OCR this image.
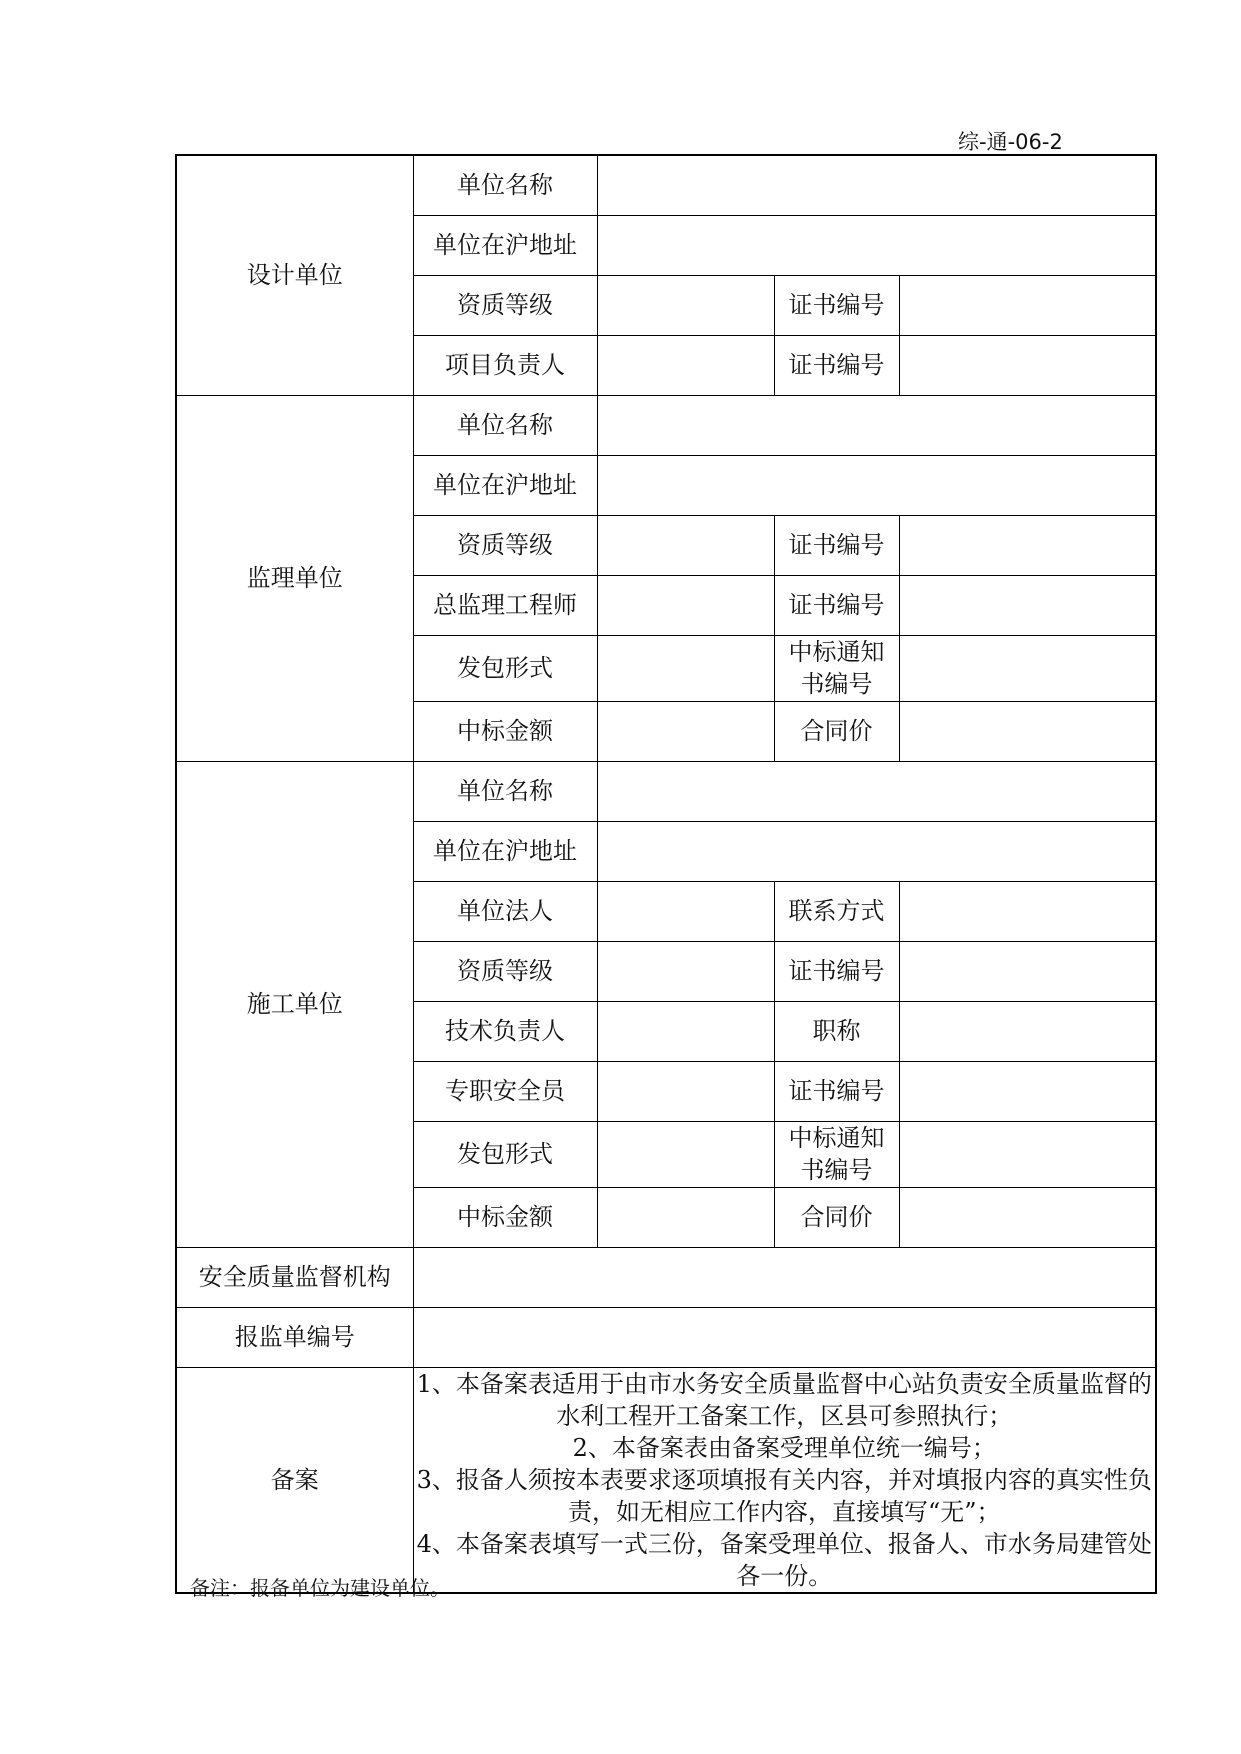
综-通-06-2
设计单位	单位名称			
	单位在沪地址			
	资质等级		证书编号	
	项目负责人		证书编号	
监理单位	单位名称			
	单位在沪地址			
	资质等级		证书编号	
	总监理工程师		证书编号	
	发包形式		中标通知书编号	
	中标金额		合同价	
施工单位	单位名称			
	单位在沪地址			
	单位法人		联系方式	
	资质等级		证书编号	
	技术负责人		职称	
	专职安全员		证书编号	
	发包形式		中标通知书编号	
	中标金额		合同价	
安全质量监督机构				
报监单编号				
备案	1、本备案表适用于由市水务安全质量监督中心站负责安全质量监督的水利工程开工备案工作，区县可参照执行；
2、本备案表由备案受理单位统一编号；
3、报备人须按本表要求逐项填报有关内容，并对填报内容的真实性负责，如无相应工作内容，直接填写“无”；
4、本备案表填写一式三份，备案受理单位、报备人、市水务局建管处各一份。			
备注：报备单位为建设单位。
